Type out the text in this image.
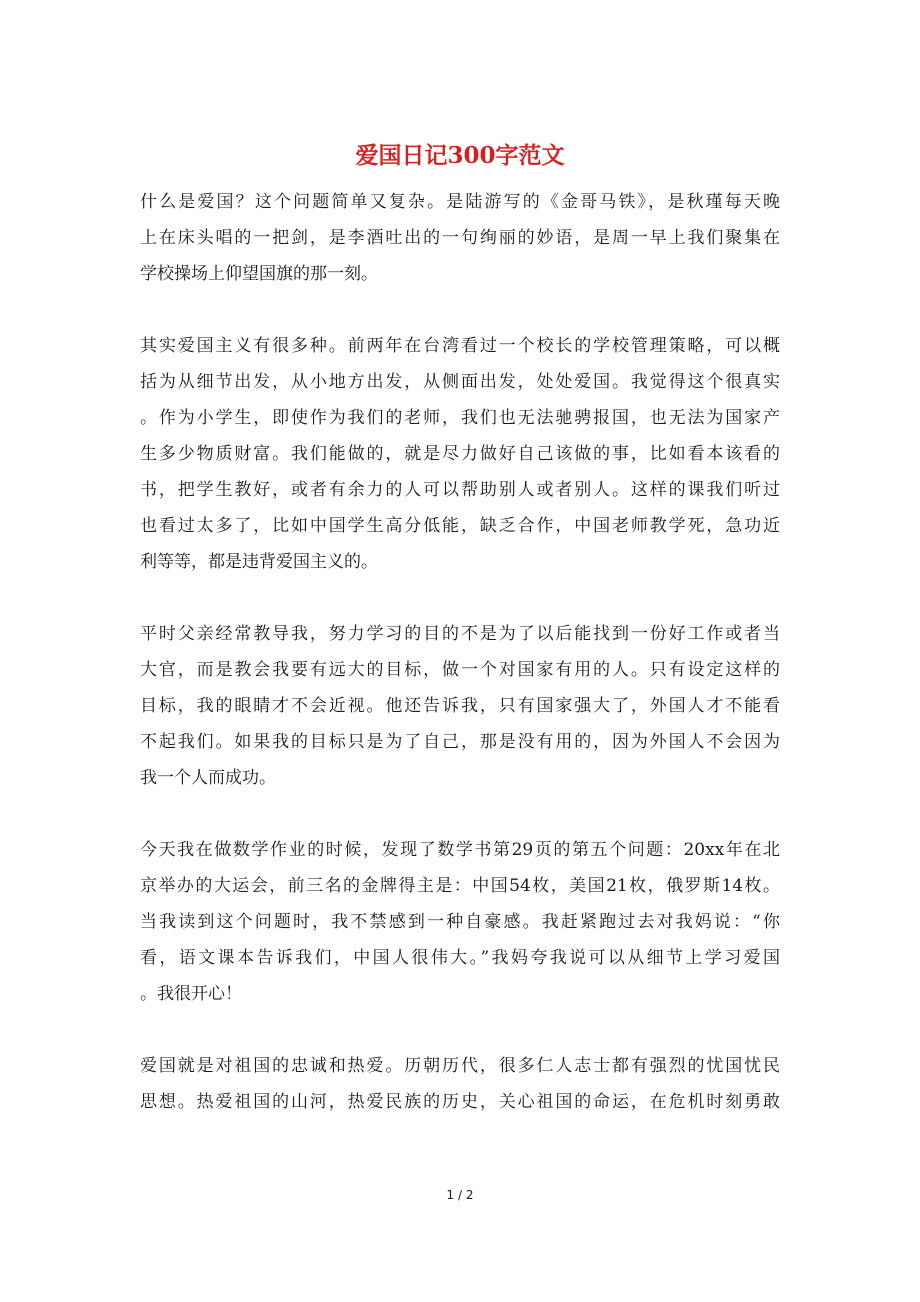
爱国日记300字范文

什么是爱国？这个问题简单又复杂。是陆游写的《金哥马铁》，是秋瑾每天晚
上在床头唱的一把剑，是李酒吐出的一句绚丽的妙语，是周一早上我们聚集在
学校操场上仰望国旗的那一刻。

其实爱国主义有很多种。前两年在台湾看过一个校长的学校管理策略，可以概
括为从细节出发，从小地方出发，从侧面出发，处处爱国。我觉得这个很真实
。作为小学生，即使作为我们的老师，我们也无法驰骋报国，也无法为国家产
生多少物质财富。我们能做的，就是尽力做好自己该做的事，比如看本该看的
书，把学生教好，或者有余力的人可以帮助别人或者别人。这样的课我们听过
也看过太多了，比如中国学生高分低能，缺乏合作，中国老师教学死，急功近
利等等，都是违背爱国主义的。

平时父亲经常教导我，努力学习的目的不是为了以后能找到一份好工作或者当
大官，而是教会我要有远大的目标，做一个对国家有用的人。只有设定这样的
目标，我的眼睛才不会近视。他还告诉我，只有国家强大了，外国人才不能看
不起我们。如果我的目标只是为了自己，那是没有用的，因为外国人不会因为
我一个人而成功。

今天我在做数学作业的时候，发现了数学书第29页的第五个问题：20xx年在北
京举办的大运会，前三名的金牌得主是：中国54枚，美国21枚，俄罗斯14枚。
当我读到这个问题时，我不禁感到一种自豪感。我赶紧跑过去对我妈说：“你
看，语文课本告诉我们，中国人很伟大。”我妈夸我说可以从细节上学习爱国
。我很开心！

爱国就是对祖国的忠诚和热爱。历朝历代，很多仁人志士都有强烈的忧国忧民
思想。热爱祖国的山河，热爱民族的历史，关心祖国的命运，在危机时刻勇敢

1 / 2
